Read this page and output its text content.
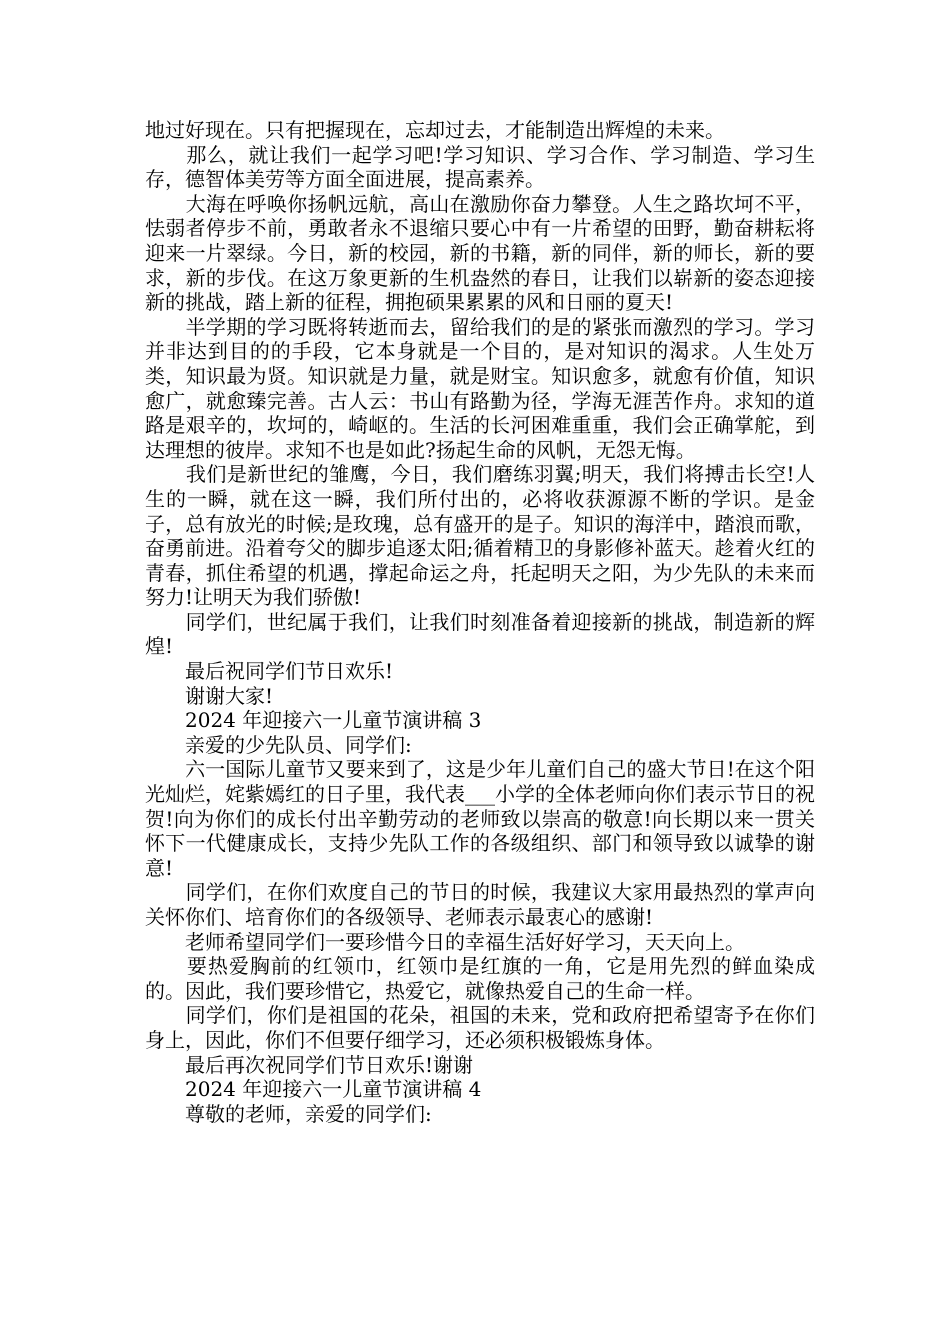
地过好现在。只有把握现在，忘却过去，才能制造出辉煌的未来。

　　那么，就让我们一起学习吧!学习知识、学习合作、学习制造、学习生存，德智体美劳等方面全面进展，提高素养。

　　大海在呼唤你扬帆远航，高山在激励你奋力攀登。人生之路坎坷不平，怯弱者停步不前，勇敢者永不退缩只要心中有一片希望的田野，勤奋耕耘将迎来一片翠绿。今日，新的校园，新的书籍，新的同伴，新的师长，新的要求，新的步伐。在这万象更新的生机盎然的春日，让我们以崭新的姿态迎接新的挑战，踏上新的征程，拥抱硕果累累的风和日丽的夏天!

　　半学期的学习既将转逝而去，留给我们的是的紧张而激烈的学习。学习并非达到目的的手段，它本身就是一个目的，是对知识的渴求。人生处万类，知识最为贤。知识就是力量，就是财宝。知识愈多，就愈有价值，知识愈广，就愈臻完善。古人云：书山有路勤为径，学海无涯苦作舟。求知的道路是艰辛的，坎坷的，崎岖的。生活的长河困难重重，我们会正确掌舵，到达理想的彼岸。求知不也是如此?扬起生命的风帆，无怨无悔。

　　我们是新世纪的雏鹰，今日，我们磨练羽翼;明天，我们将搏击长空!人生的一瞬，就在这一瞬，我们所付出的，必将收获源源不断的学识。是金子，总有放光的时候;是玫瑰，总有盛开的是子。知识的海洋中，踏浪而歌，奋勇前进。沿着夸父的脚步追逐太阳;循着精卫的身影修补蓝天。趁着火红的青春，抓住希望的机遇，撑起命运之舟，托起明天之阳，为少先队的未来而努力!让明天为我们骄傲!

　　同学们，世纪属于我们，让我们时刻准备着迎接新的挑战，制造新的辉煌!

　　最后祝同学们节日欢乐!

　　谢谢大家!

　　2024 年迎接六一儿童节演讲稿 3

　　亲爱的少先队员、同学们:

　　六一国际儿童节又要来到了，这是少年儿童们自己的盛大节日!在这个阳光灿烂，姹紫嫣红的日子里，我代表___小学的全体老师向你们表示节日的祝贺!向为你们的成长付出辛勤劳动的老师致以崇高的敬意!向长期以来一贯关怀下一代健康成长，支持少先队工作的各级组织、部门和领导致以诚挚的谢意!

　　同学们，在你们欢度自己的节日的时候，我建议大家用最热烈的掌声向关怀你们、培育你们的各级领导、老师表示最衷心的感谢!

　　老师希望同学们一要珍惜今日的幸福生活好好学习，天天向上。

　　要热爱胸前的红领巾，红领巾是红旗的一角，它是用先烈的鲜血染成的。因此，我们要珍惜它，热爱它，就像热爱自己的生命一样。

　　同学们，你们是祖国的花朵，祖国的未来，党和政府把希望寄予在你们身上，因此，你们不但要仔细学习，还必须积极锻炼身体。

　　最后再次祝同学们节日欢乐!谢谢

　　2024 年迎接六一儿童节演讲稿 4

　　尊敬的老师，亲爱的同学们:
